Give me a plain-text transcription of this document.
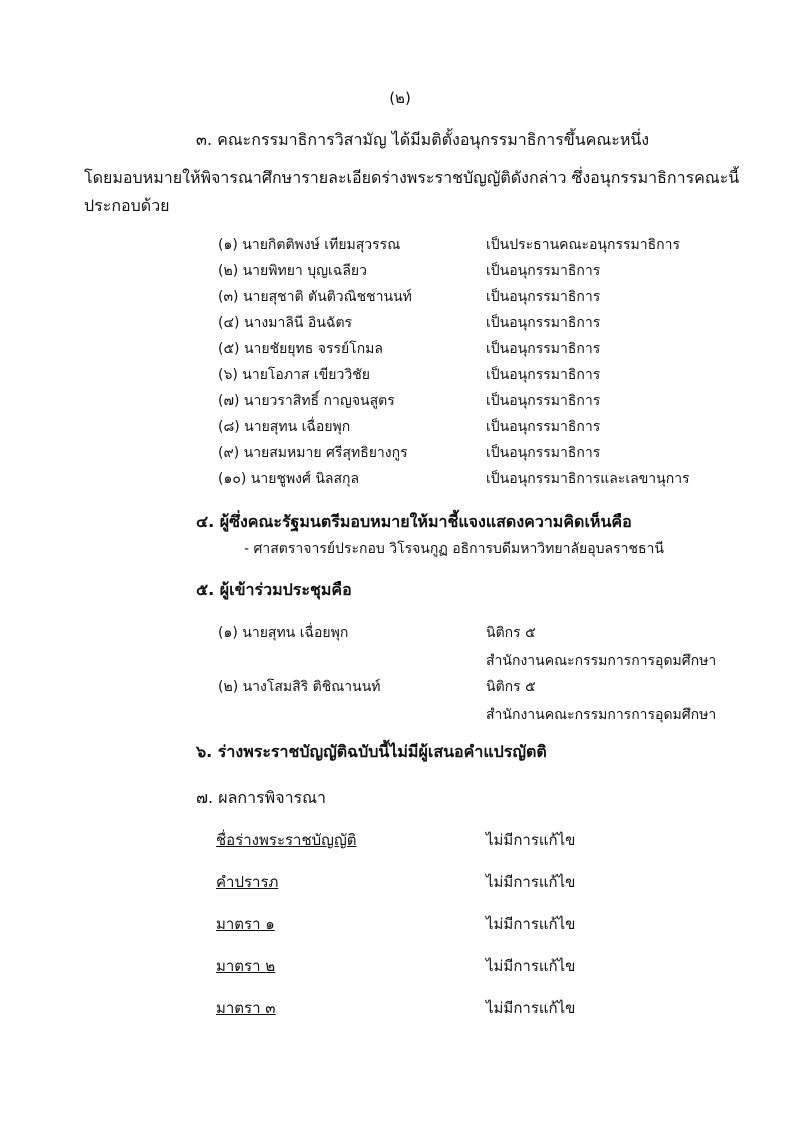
(๒)
๓. คณะกรรมาธิการวิสามัญ ได้มีมติตั้งอนุกรรมาธิการขึ้นคณะหนึ่ง
โดยมอบหมายให้พิจารณาศึกษารายละเอียดร่างพระราชบัญญัติดังกล่าว ซึ่งอนุกรรมาธิการคณะนี้
ประกอบด้วย
(๑) นายกิตติพงษ์ เทียมสุวรรณ	เป็นประธานคณะอนุกรรมาธิการ
(๒) นายพิทยา บุญเฉลียว	เป็นอนุกรรมาธิการ
(๓) นายสุชาติ ตันติวณิชชานนท์	เป็นอนุกรรมาธิการ
(๔) นางมาลินี อินฉัตร	เป็นอนุกรรมาธิการ
(๕) นายชัยยุทธ จรรย์โกมล	เป็นอนุกรรมาธิการ
(๖) นายโอภาส เขียววิชัย	เป็นอนุกรรมาธิการ
(๗) นายวราสิทธิ์ กาญจนสูตร	เป็นอนุกรรมาธิการ
(๘) นายสุทน เฉื่อยพุก	เป็นอนุกรรมาธิการ
(๙) นายสมหมาย ศรีสุทธิยางกูร	เป็นอนุกรรมาธิการ
(๑๐) นายชูพงศ์ นิลสกุล	เป็นอนุกรรมาธิการและเลขานุการ
๔. ผู้ซึ่งคณะรัฐมนตรีมอบหมายให้มาชี้แจงแสดงความคิดเห็นคือ
- ศาสตราจารย์ประกอบ วิโรจนกูฏ อธิการบดีมหาวิทยาลัยอุบลราชธานี
๕. ผู้เข้าร่วมประชุมคือ
(๑) นายสุทน เฉื่อยพุก	นิติกร ๕
สำนักงานคณะกรรมการการอุดมศึกษา
(๒) นางโสมสิริ ติชิณานนท์	นิติกร ๕
สำนักงานคณะกรรมการการอุดมศึกษา
๖. ร่างพระราชบัญญัติฉบับนี้ไม่มีผู้เสนอคำแปรญัตติ
๗. ผลการพิจารณา
ชื่อร่างพระราชบัญญัติ	ไม่มีการแก้ไข
คำปรารภ	ไม่มีการแก้ไข
มาตรา ๑	ไม่มีการแก้ไข
มาตรา ๒	ไม่มีการแก้ไข
มาตรา ๓	ไม่มีการแก้ไข
